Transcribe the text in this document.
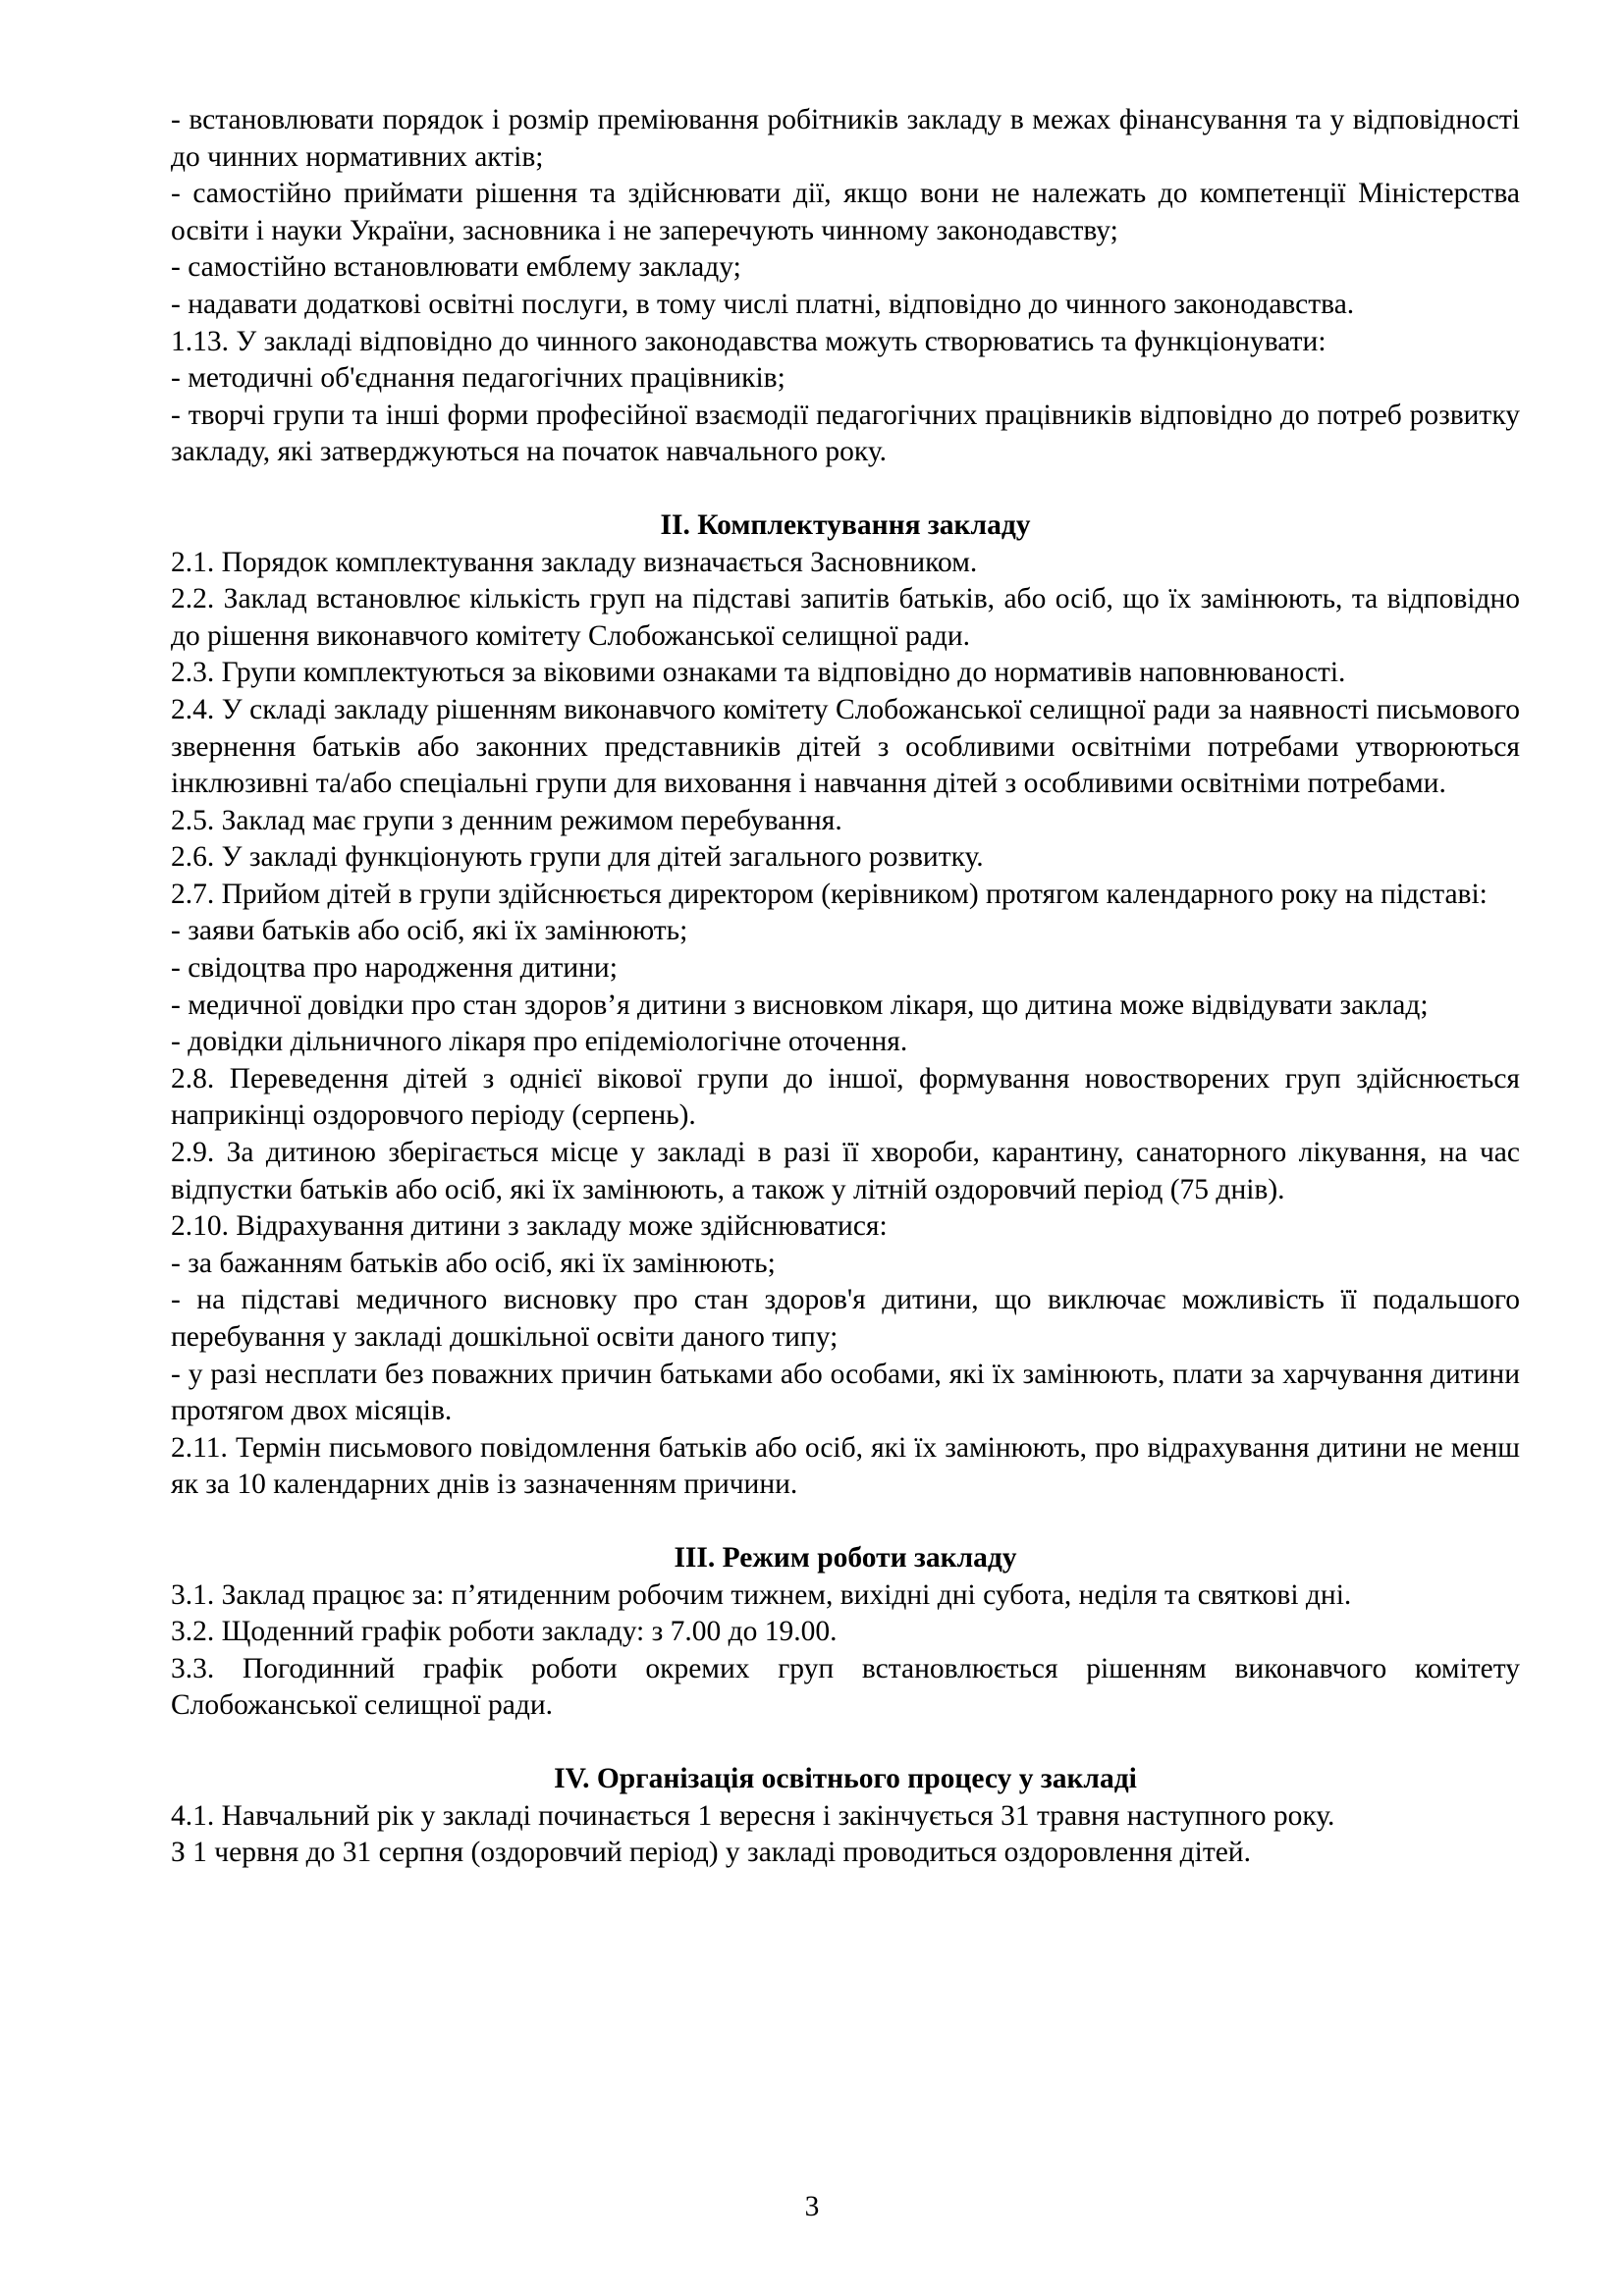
- встановлювати порядок і розмір преміювання робітників закладу в межах фінансування та у відповідності до чинних нормативних актів;

- самостійно приймати рішення та здійснювати дії, якщо вони не належать до компетенції Міністерства освіти і науки України, засновника і не заперечують чинному законодавству;

- самостійно встановлювати емблему закладу;

- надавати додаткові освітні послуги, в тому числі платні, відповідно до чинного законодавства.

1.13. У закладі відповідно до чинного законодавства можуть створюватись та функціонувати:

- методичні об'єднання педагогічних працівників;

- творчі групи та інші форми професійної взаємодії педагогічних працівників відповідно до потреб розвитку закладу, які затверджуються на початок навчального року.

ІІ. Комплектування закладу

2.1. Порядок комплектування закладу визначається Засновником.

2.2. Заклад встановлює кількість груп на підставі запитів батьків, або осіб, що їх замінюють, та відповідно до рішення виконавчого комітету Слобожанської селищної ради.

2.3. Групи комплектуються за віковими ознаками та відповідно до нормативів наповнюваності.

2.4. У складі закладу рішенням виконавчого комітету Слобожанської селищної ради за наявності письмового звернення батьків або законних представників дітей з особливими освітніми потребами утворюються інклюзивні та/або спеціальні групи для виховання і навчання дітей з особливими освітніми потребами.

2.5. Заклад має групи з денним режимом перебування.

2.6. У закладі функціонують групи для дітей загального розвитку.

2.7. Прийом дітей в групи здійснюється директором (керівником) протягом календарного року на підставі:

- заяви батьків або осіб, які їх замінюють;

- свідоцтва про народження дитини;

- медичної довідки про стан здоров’я дитини з висновком лікаря, що дитина може відвідувати заклад;

- довідки дільничного лікаря про епідеміологічне оточення.

2.8. Переведення дітей з однієї вікової групи до іншої, формування новостворених груп здійснюється наприкінці оздоровчого періоду (серпень).

2.9. За дитиною зберігається місце у закладі в разі її хвороби, карантину, санаторного лікування, на час відпустки батьків або осіб, які їх замінюють, а також у літній оздоровчий період (75 днів).

2.10. Відрахування дитини з закладу може здійснюватися:

- за бажанням батьків або осіб, які їх замінюють;

- на підставі медичного висновку про стан здоров'я дитини, що виключає можливість її подальшого перебування у закладі дошкільної освіти даного типу;

- у разі несплати без поважних причин батьками або особами, які їх замінюють, плати за харчування дитини протягом двох місяців.

2.11. Термін письмового повідомлення батьків або осіб, які їх замінюють, про відрахування дитини не менш як за 10 календарних днів із зазначенням причини.

ІІІ. Режим роботи закладу

3.1. Заклад працює за: п’ятиденним робочим тижнем, вихідні дні субота, неділя та святкові дні.

3.2. Щоденний графік роботи закладу: з 7.00 до 19.00.

3.3. Погодинний графік роботи окремих груп встановлюється рішенням виконавчого комітету Слобожанської селищної ради.

IV. Організація освітнього процесу у закладі

4.1. Навчальний рік у закладі починається 1 вересня і закінчується 31 травня наступного року.

З 1 червня до 31 серпня (оздоровчий період) у закладі проводиться оздоровлення дітей.

3
